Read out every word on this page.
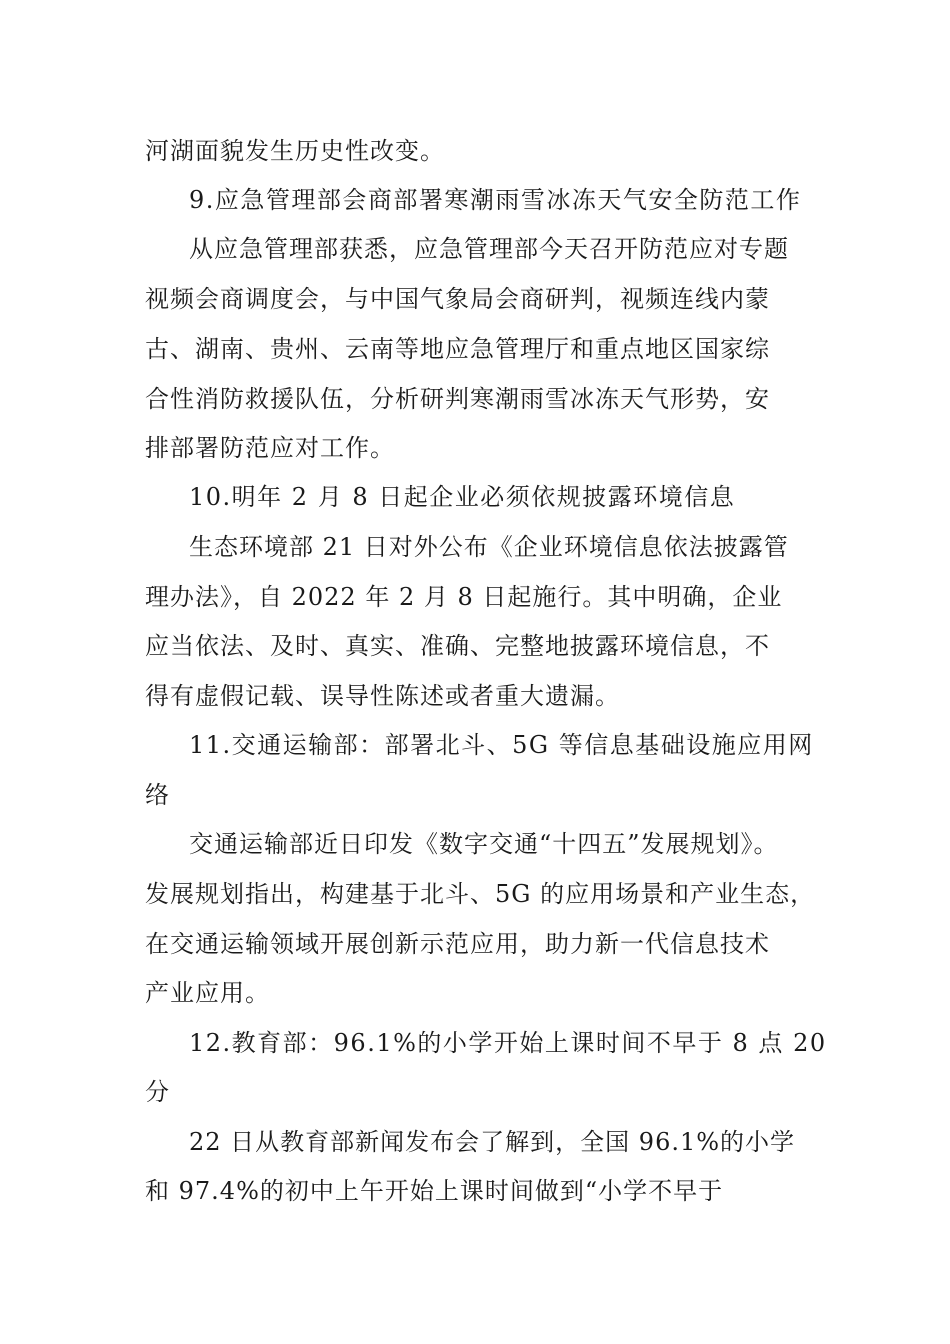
河湖面貌发生历史性改变。
9.应急管理部会商部署寒潮雨雪冰冻天气安全防范工作
从应急管理部获悉，应急管理部今天召开防范应对专题
视频会商调度会，与中国气象局会商研判，视频连线内蒙
古、湖南、贵州、云南等地应急管理厅和重点地区国家综
合性消防救援队伍，分析研判寒潮雨雪冰冻天气形势，安
排部署防范应对工作。
10.明年 2 月 8 日起企业必须依规披露环境信息
生态环境部 21 日对外公布《企业环境信息依法披露管
理办法》，自 2022 年 2 月 8 日起施行。其中明确，企业
应当依法、及时、真实、准确、完整地披露环境信息，不
得有虚假记载、误导性陈述或者重大遗漏。
11.交通运输部：部署北斗、5G 等信息基础设施应用网
络
交通运输部近日印发《数字交通“十四五”发展规划》。
发展规划指出，构建基于北斗、5G 的应用场景和产业生态，
在交通运输领域开展创新示范应用，助力新一代信息技术
产业应用。
12.教育部：96.1%的小学开始上课时间不早于 8 点 20
分
22 日从教育部新闻发布会了解到，全国 96.1%的小学
和 97.4%的初中上午开始上课时间做到“小学不早于
